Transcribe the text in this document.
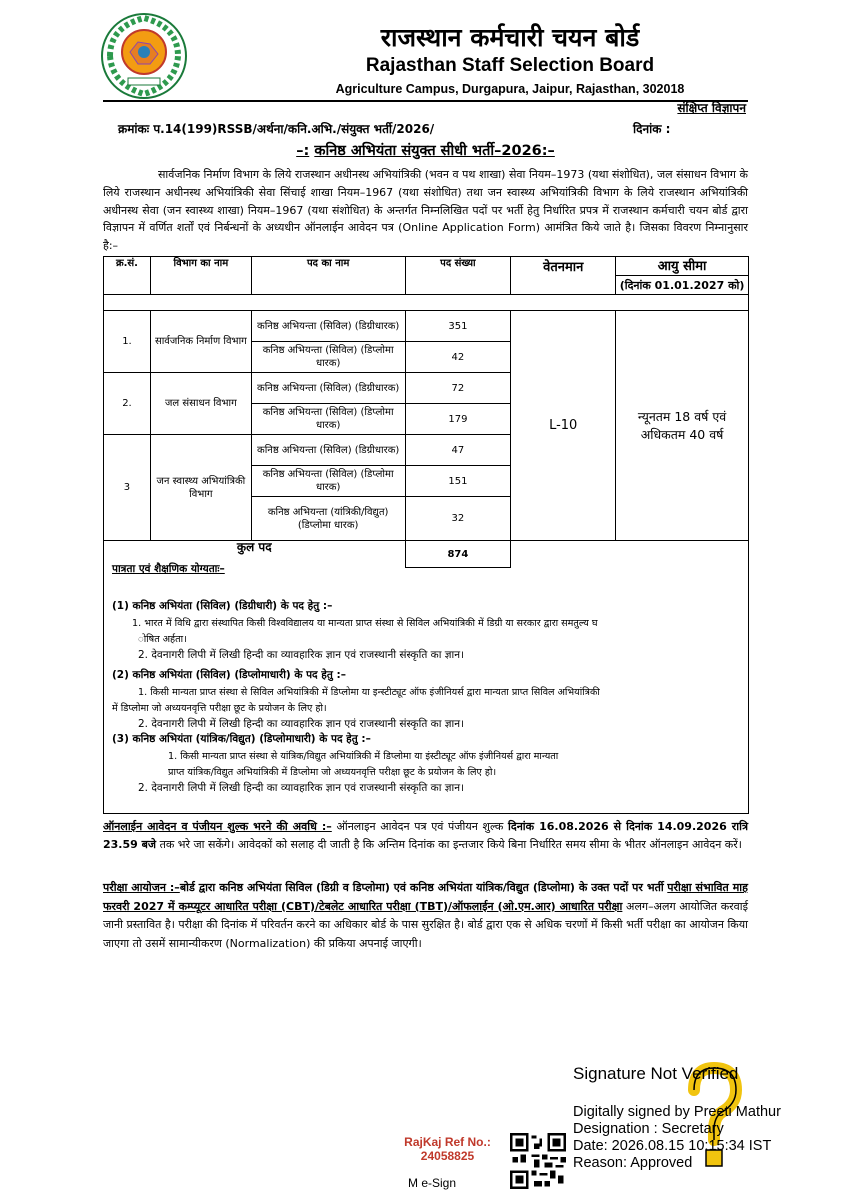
राजस्थान कर्मचारी चयन बोर्ड
Rajasthan Staff Selection Board
Agriculture Campus, Durgapura, Jaipur, Rajasthan, 302018
संक्षिप्त विज्ञापन
क्रमांकः प.14(199)RSSB/अर्थना/कनि.अभि./संयुक्त भर्ती/2026/	दिनांक :
–: कनिष्ठ अभियंता संयुक्त सीधी भर्ती–2026:–

सार्वजनिक निर्माण विभाग के लिये राजस्थान अधीनस्थ अभियांत्रिकी (भवन व पथ शाखा) सेवा नियम–1973 (यथा संशोधित), जल संसाधन विभाग के लिये राजस्थान अधीनस्थ अभियांत्रिकी सेवा सिंचाई शाखा नियम–1967 (यथा संशोधित) तथा जन स्वास्थ्य अभियांत्रिकी विभाग के लिये राजस्थान अभियांत्रिकी अधीनस्थ सेवा (जन स्वास्थ्य शाखा) नियम–1967 (यथा संशोधित) के अन्तर्गत निम्नलिखित पदों पर भर्ती हेतु निर्धारित प्रपत्र में राजस्थान कर्मचारी चयन बोर्ड द्वारा विज्ञापन में वर्णित शर्तों एवं निर्बन्धनों के अध्यधीन ऑनलाईन आवेदन पत्र (Online Application Form) आमंत्रित किये जाते है। जिसका विवरण निम्नानुसार है:–

क्र.सं.	विभाग का नाम	पद का नाम	पद संख्या	वेतनमान	आयु सीमा
					(दिनांक 01.01.2027 को)

1.	सार्वजनिक निर्माण विभाग	कनिष्ठ अभियन्ता (सिविल) (डिग्रीधारक)	351	L-10	न्यूनतम 18 वर्ष एवं अधिकतम 40 वर्ष
		कनिष्ठ अभियन्ता (सिविल) (डिप्लोमा धारक)	42		
2.	जल संसाधन विभाग	कनिष्ठ अभियन्ता (सिविल) (डिग्रीधारक)	72		
		कनिष्ठ अभियन्ता (सिविल) (डिप्लोमा धारक)	179		
3	जन स्वास्थ्य अभियांत्रिकी विभाग	कनिष्ठ अभियन्ता (सिविल) (डिग्रीधारक)	47		
		कनिष्ठ अभियन्ता (सिविल) (डिप्लोमा धारक)	151		
		कनिष्ठ अभियन्ता (यांत्रिकी/विद्युत) (डिप्लोमा धारक)	32		
कुल पद			874		

पात्रता एवं शैक्षणिक योग्यताः–

(1) कनिष्ठ अभियंता (सिविल) (डिग्रीधारी) के पद हेतु :–

1. भारत में विधि द्वारा संस्थापित किसी विश्वविद्यालय या मान्यता प्राप्त संस्था से सिविल अभियांत्रिकी में डिग्री या सरकार द्वारा समतुल्य घ

ोषित अर्हता।

2. देवनागरी लिपी में लिखी हिन्दी का व्यावहारिक ज्ञान एवं राजस्थानी संस्कृति का ज्ञान।

(2) कनिष्ठ अभियंता (सिविल) (डिप्लोमाधारी) के पद हेतु :–

1. किसी मान्यता प्राप्त संस्था से सिविल अभियांत्रिकी में डिप्लोमा या इन्स्टीट्यूट ऑफ इंजीनियर्स द्वारा मान्यता प्राप्त सिविल अभियांत्रिकी

में डिप्लोमा जो अध्ययनवृत्ति परीक्षा छूट के प्रयोजन के लिए हो।

2. देवनागरी लिपी में लिखी हिन्दी का व्यावहारिक ज्ञान एवं राजस्थानी संस्कृति का ज्ञान।

(3) कनिष्ठ अभियंता (यांत्रिक/विद्युत) (डिप्लोमाधारी) के पद हेतु :–

1. किसी मान्यता प्राप्त संस्था से यांत्रिक/विद्युत अभियांत्रिकी में डिप्लोमा या इंस्टीट्यूट ऑफ इंजीनियर्स द्वारा मान्यता

प्राप्त यांत्रिक/विद्युत अभियांत्रिकी में डिप्लोमा जो अध्ययनवृत्ति परीक्षा छूट के प्रयोजन के लिए हो।

2. देवनागरी लिपी में लिखी हिन्दी का व्यावहारिक ज्ञान एवं राजस्थानी संस्कृति का ज्ञान।

ऑनलाईन आवेदन व पंजीयन शुल्क भरने की अवधि :– ऑनलाइन आवेदन पत्र एवं पंजीयन शुल्क दिनांक 16.08.2026 से दिनांक 14.09.2026 रात्रि 23.59 बजे तक भरे जा सकेंगे। आवेदकों को सलाह दी जाती है कि अन्तिम दिनांक का इन्तजार किये बिना निर्धारित समय सीमा के भीतर ऑनलाइन आवेदन करें।

परीक्षा आयोजन :–बोर्ड द्वारा कनिष्ठ अभियंता सिविल (डिग्री व डिप्लोमा) एवं कनिष्ठ अभियंता यांत्रिक/विद्युत (डिप्लोमा) के उक्त पदों पर भर्ती परीक्षा संभावित माह फरवरी 2027 में कम्प्यूटर आधारित परीक्षा (CBT)/टेबलेट आधारित परीक्षा (TBT)/ऑफलाईन (ओ.एम.आर) आधारित परीक्षा अलग–अलग आयोजित करवाई जानी प्रस्तावित है। परीक्षा की दिनांक में परिवर्तन करने का अधिकार बोर्ड के पास सुरक्षित है। बोर्ड द्वारा एक से अधिक चरणों में किसी भर्ती परीक्षा का आयोजन किया जाएगा तो उसमें सामान्यीकरण (Normalization) की प्रकिया अपनाई जाएगी।

Signature Not Verified
Digitally signed by Preeti Mathur
Designation : Secretary
Date: 2026.08.15 10:15:34 IST
Reason: Approved
RajKaj Ref No.:
24058825
M e-Sign
